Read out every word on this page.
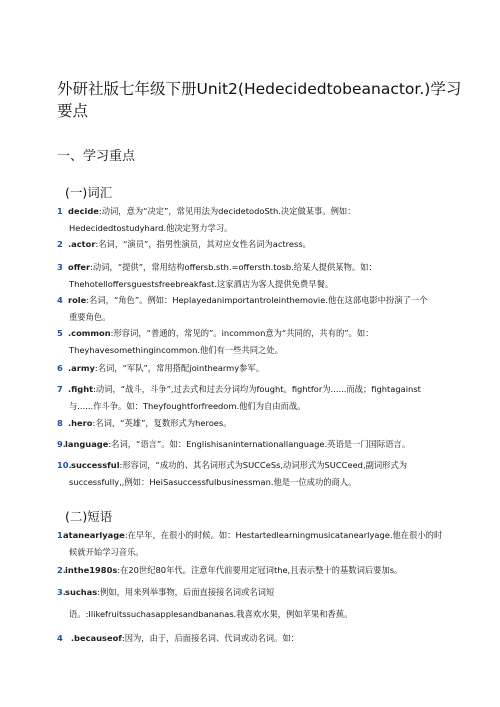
外研社版七年级下册Unit2(Hedecidedtobeanactor.)学习
要点
一、学习重点
(一)词汇
1 decide:动词，意为“决定”，常见用法为decidetodoSth.决定做某事。例如：
Hedecidedtostudyhard.他决定努力学习。
2 .actor:名词，“演员”，指男性演员，其对应女性名词为actress。
3 offer:动词，“提供”，常用结构offersb.sth.=offersth.tosb.给某人提供某物。如：
Thehotelloffersguestsfreebreakfast.这家酒店为客人提供免费早餐。
4 role:名词，“角色”。例如：Heplayedanimportantroleinthemovie.他在这部电影中扮演了一个
重要角色。
5 .common:形容词，“普通的，常见的”。incommon意为“共同的，共有的”。如：
Theyhavesomethingincommon.他们有一些共同之处。
6 .army:名词，“军队”，常用搭配jointhearmy参军。
7 .fight:动词，“战斗，斗争”,过去式和过去分词均为fought。fightfor为......而战；fightagainst
与......作斗争。如：Theyfoughtforfreedom.他们为自由而战。
8 .hero:名词，“英雄”，复数形式为heroes。
9.language:名词，“语言”。如：Englishisaninternationallanguage.英语是一门国际语言。
10.successful:形容词，“成功的、其名词形式为SUCCeSs,动词形式为SUCCeed,副词形式为
successfully,,例如：HeiSasuccessfulbusinessman.他是一位成功的商人。
(二)短语
1atanearlyage:在早年，在很小的时候。如：Hestartedlearningmusicatanearlyage.他在很小的时
候就开始学习音乐。
2.inthe1980s:在20世纪80年代。注意年代前要用定冠词the,且表示整十的基数词后要加s。
3.suchas:例如，用来列举事物，后面直接接名词或名词短
语。:Ilikefruitssuchasapplesandbananas.我喜欢水果，例如苹果和香蕉。
4 .becauseof:因为，由于，后面接名词、代词或动名词。如：
